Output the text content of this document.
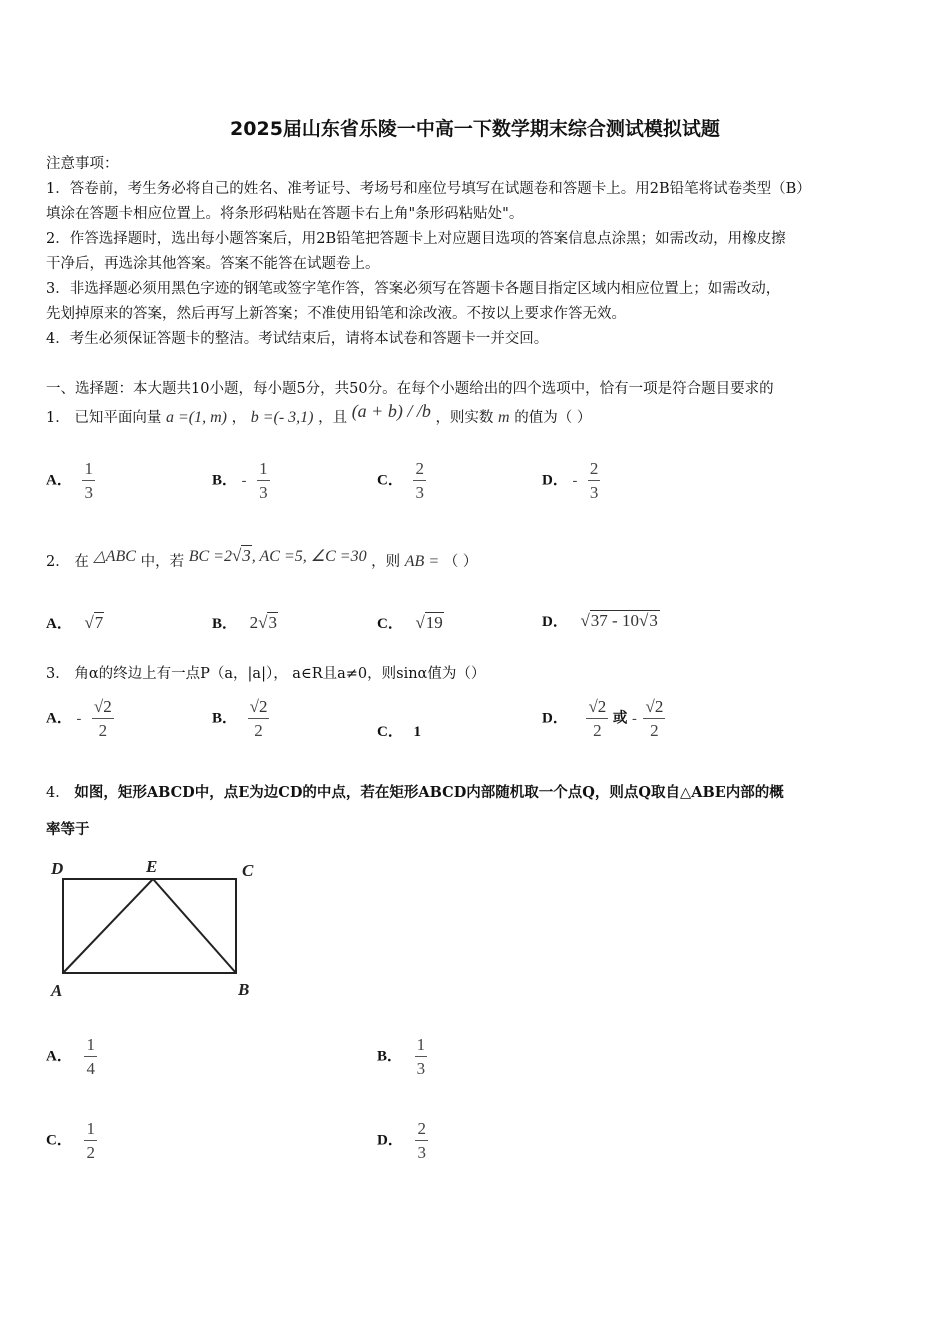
2025届山东省乐陵一中高一下数学期末综合测试模拟试题
注意事项：
1．答卷前，考生务必将自己的姓名、准考证号、考场号和座位号填写在试题卷和答题卡上。用2B铅笔将试卷类型（B）
填涂在答题卡相应位置上。将条形码粘贴在答题卡右上角"条形码粘贴处"。
2．作答选择题时，选出每小题答案后，用2B铅笔把答题卡上对应题目选项的答案信息点涂黑；如需改动，用橡皮擦
干净后，再选涂其他答案。答案不能答在试题卷上。
3．非选择题必须用黑色字迹的钢笔或签字笔作答，答案必须写在答题卡各题目指定区域内相应位置上；如需改动，
先划掉原来的答案，然后再写上新答案；不准使用铅笔和涂改液。不按以上要求作答无效。
4．考生必须保证答题卡的整洁。考试结束后，请将本试卷和答题卡一并交回。
一、选择题：本大题共10小题，每小题5分，共50分。在每个小题给出的四个选项中，恰有一项是符合题目要求的
1． 已知平面向量 a =(1, m) ， b =(- 3,1) ，且 (a + b) / /b ，则实数 m 的值为（ ）
A． $\frac{1}{3}$	B． - $\frac{1}{3}$	C． $\frac{2}{3}$	D． - $\frac{2}{3}$
2． 在 △ABC 中，若 BC =2√3, AC =5, ∠C =30 ，则 AB = （ ）
A． √7	B． 2√3	C． √19	D． √37 - 10√3
3． 角α的终边上有一点P（a，|a|）， a∈R且a≠0，则sinα值为（）
A． - $\frac{√2}{2}$	B． $\frac{√2}{2}$	C． 1
D． $\frac{√2}{2}$ 或 - $\frac{√2}{2}$
4． 如图，矩形ABCD中，点E为边CD的中点，若在矩形ABCD内部随机取一个点Q，则点Q取自△ABE内部的概
率等于
D	E	C
A	B
A． $\frac{1}{4}$	B． $\frac{1}{3}$
C． $\frac{1}{2}$	D． $\frac{2}{3}$
